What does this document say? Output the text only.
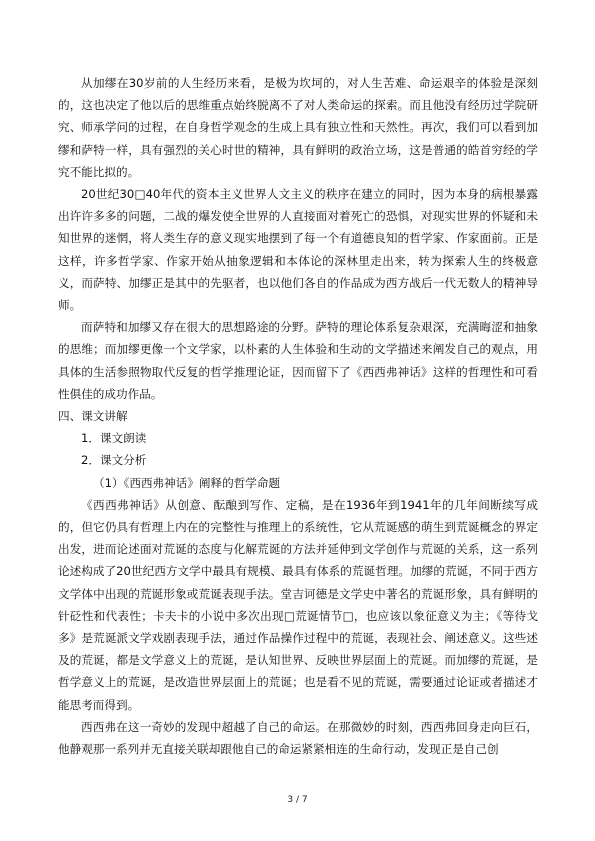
从加缪在30岁前的人生经历来看，是极为坎坷的，对人生苦难、命运艰辛的体验是深刻的，这也决定了他以后的思维重点始终脱离不了对人类命运的探索。而且他没有经历过学院研究、师承学问的过程，在自身哲学观念的生成上具有独立性和天然性。再次，我们可以看到加缪和萨特一样，具有强烈的关心时世的精神，具有鲜明的政治立场，这是普通的皓首穷经的学究不能比拟的。

20世纪30□40年代的资本主义世界人文主义的秩序在建立的同时，因为本身的病根暴露出许许多多的问题，二战的爆发使全世界的人直接面对着死亡的恐惧，对现实世界的怀疑和未知世界的迷惘，将人类生存的意义现实地摆到了每一个有道德良知的哲学家、作家面前。正是这样，许多哲学家、作家开始从抽象逻辑和本体论的深林里走出来，转为探索人生的终极意义，而萨特、加缪正是其中的先驱者，也以他们各自的作品成为西方战后一代无数人的精神导师。

而萨特和加缪又存在很大的思想路途的分野。萨特的理论体系复杂艰深，充满晦涩和抽象的思维；而加缪更像一个文学家，以朴素的人生体验和生动的文学描述来阐发自己的观点，用具体的生活参照物取代反复的哲学推理论证，因而留下了《西西弗神话》这样的哲理性和可看性俱佳的成功作品。

四、课文讲解

1．课文朗读

2．课文分析

（1）《西西弗神话》阐释的哲学命题

《西西弗神话》从创意、酝酿到写作、定稿，是在1936年到1941年的几年间断续写成的，但它仍具有哲理上内在的完整性与推理上的系统性，它从荒诞感的萌生到荒诞概念的界定出发，进而论述面对荒诞的态度与化解荒诞的方法并延伸到文学创作与荒诞的关系，这一系列论述构成了20世纪西方文学中最具有规模、最具有体系的荒诞哲理。加缪的荒诞，不同于西方文学体中出现的荒诞形象或荒诞表现手法。堂吉诃德是文学史中著名的荒诞形象，具有鲜明的针砭性和代表性；卡夫卡的小说中多次出现□荒诞情节□，也应该以象征意义为主；《等待戈多》是荒诞派文学戏剧表现手法，通过作品操作过程中的荒诞，表现社会、阐述意义。这些述及的荒诞，都是文学意义上的荒诞，是认知世界、反映世界层面上的荒诞。而加缪的荒诞，是哲学意义上的荒诞，是改造世界层面上的荒诞；也是看不见的荒诞，需要通过论证或者描述才能思考而得到。

西西弗在这一奇妙的发现中超越了自己的命运。在那微妙的时刻，西西弗回身走向巨石，他静观那一系列并无直接关联却跟他自己的命运紧紧相连的生命行动，发现正是自己创

3 / 7
